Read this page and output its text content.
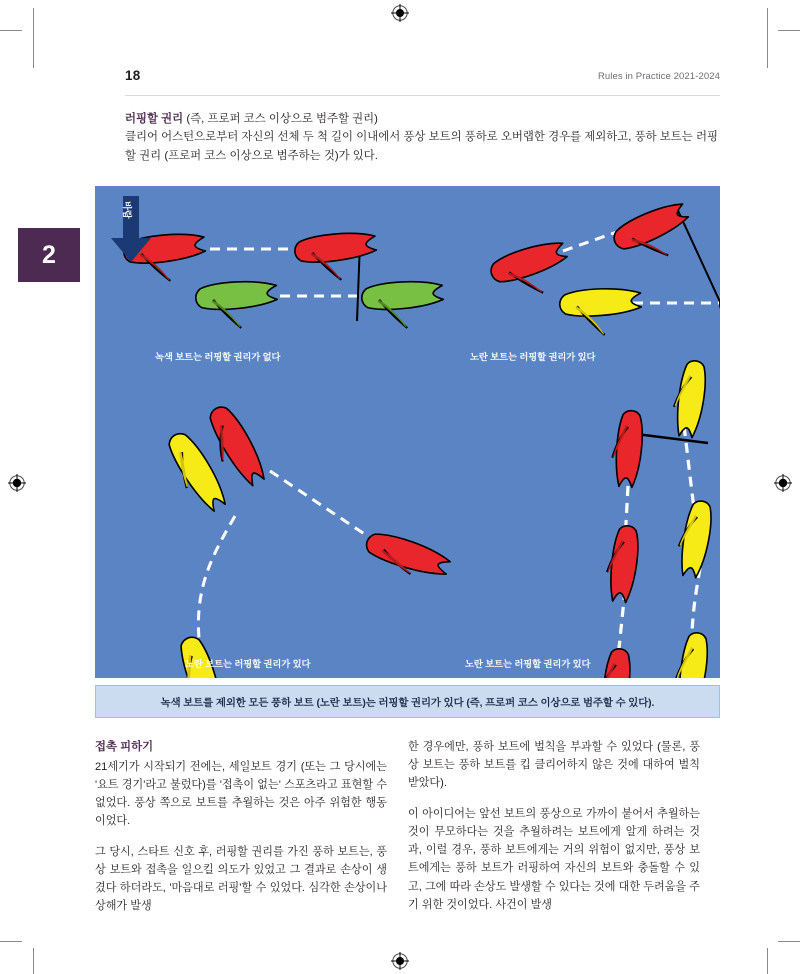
18	Rules in Practice 2021-2024
2
러핑할 권리 (즉, 프로퍼 코스 이상으로 범주할 권리)
클리어 어스턴으로부터 자신의 선체 두 척 길이 이내에서 풍상 보트의 풍하로 오버랩한 경우를 제외하고, 풍하 보트는 러핑할 권리 (프로퍼 코스 이상으로 범주하는 것)가 있다.
바람
녹색 보트는 러핑할 권리가 없다	노란 보트는 러핑할 권리가 있다
노란 보트는 러핑할 권리가 있다	노란 보트는 러핑할 권리가 있다
녹색 보트를 제외한 모든 풍하 보트 (노란 보트)는 러핑할 권리가 있다 (즉, 프로퍼 코스 이상으로 범주할 수 있다).
접촉 피하기

21세기가 시작되기 전에는, 세일보트 경기 (또는 그 당시에는 '요트 경기'라고 불렀다)를 '접촉이 없는' 스포츠라고 표현할 수 없었다. 풍상 쪽으로 보트를 추월하는 것은 아주 위험한 행동이었다.

그 당시, 스타트 신호 후, 러핑할 권리를 가진 풍하 보트는, 풍상 보트와 접촉을 일으킬 의도가 있었고 그 결과로 손상이 생겼다 하더라도, '마음대로 러핑'할 수 있었다. 심각한 손상이나 상해가 발생

한 경우에만, 풍하 보트에 벌칙을 부과할 수 있었다 (물론, 풍상 보트는 풍하 보트를 킵 클리어하지 않은 것에 대하여 벌칙받았다).

이 아이디어는 앞선 보트의 풍상으로 가까이 붙어서 추월하는 것이 무모하다는 것을 추월하려는 보트에게 알게 하려는 것과, 이럴 경우, 풍하 보트에게는 거의 위험이 없지만, 풍상 보트에게는 풍하 보트가 러핑하여 자신의 보트와 충돌할 수 있고, 그에 따라 손상도 발생할 수 있다는 것에 대한 두려움을 주기 위한 것이었다. 사건이 발생
